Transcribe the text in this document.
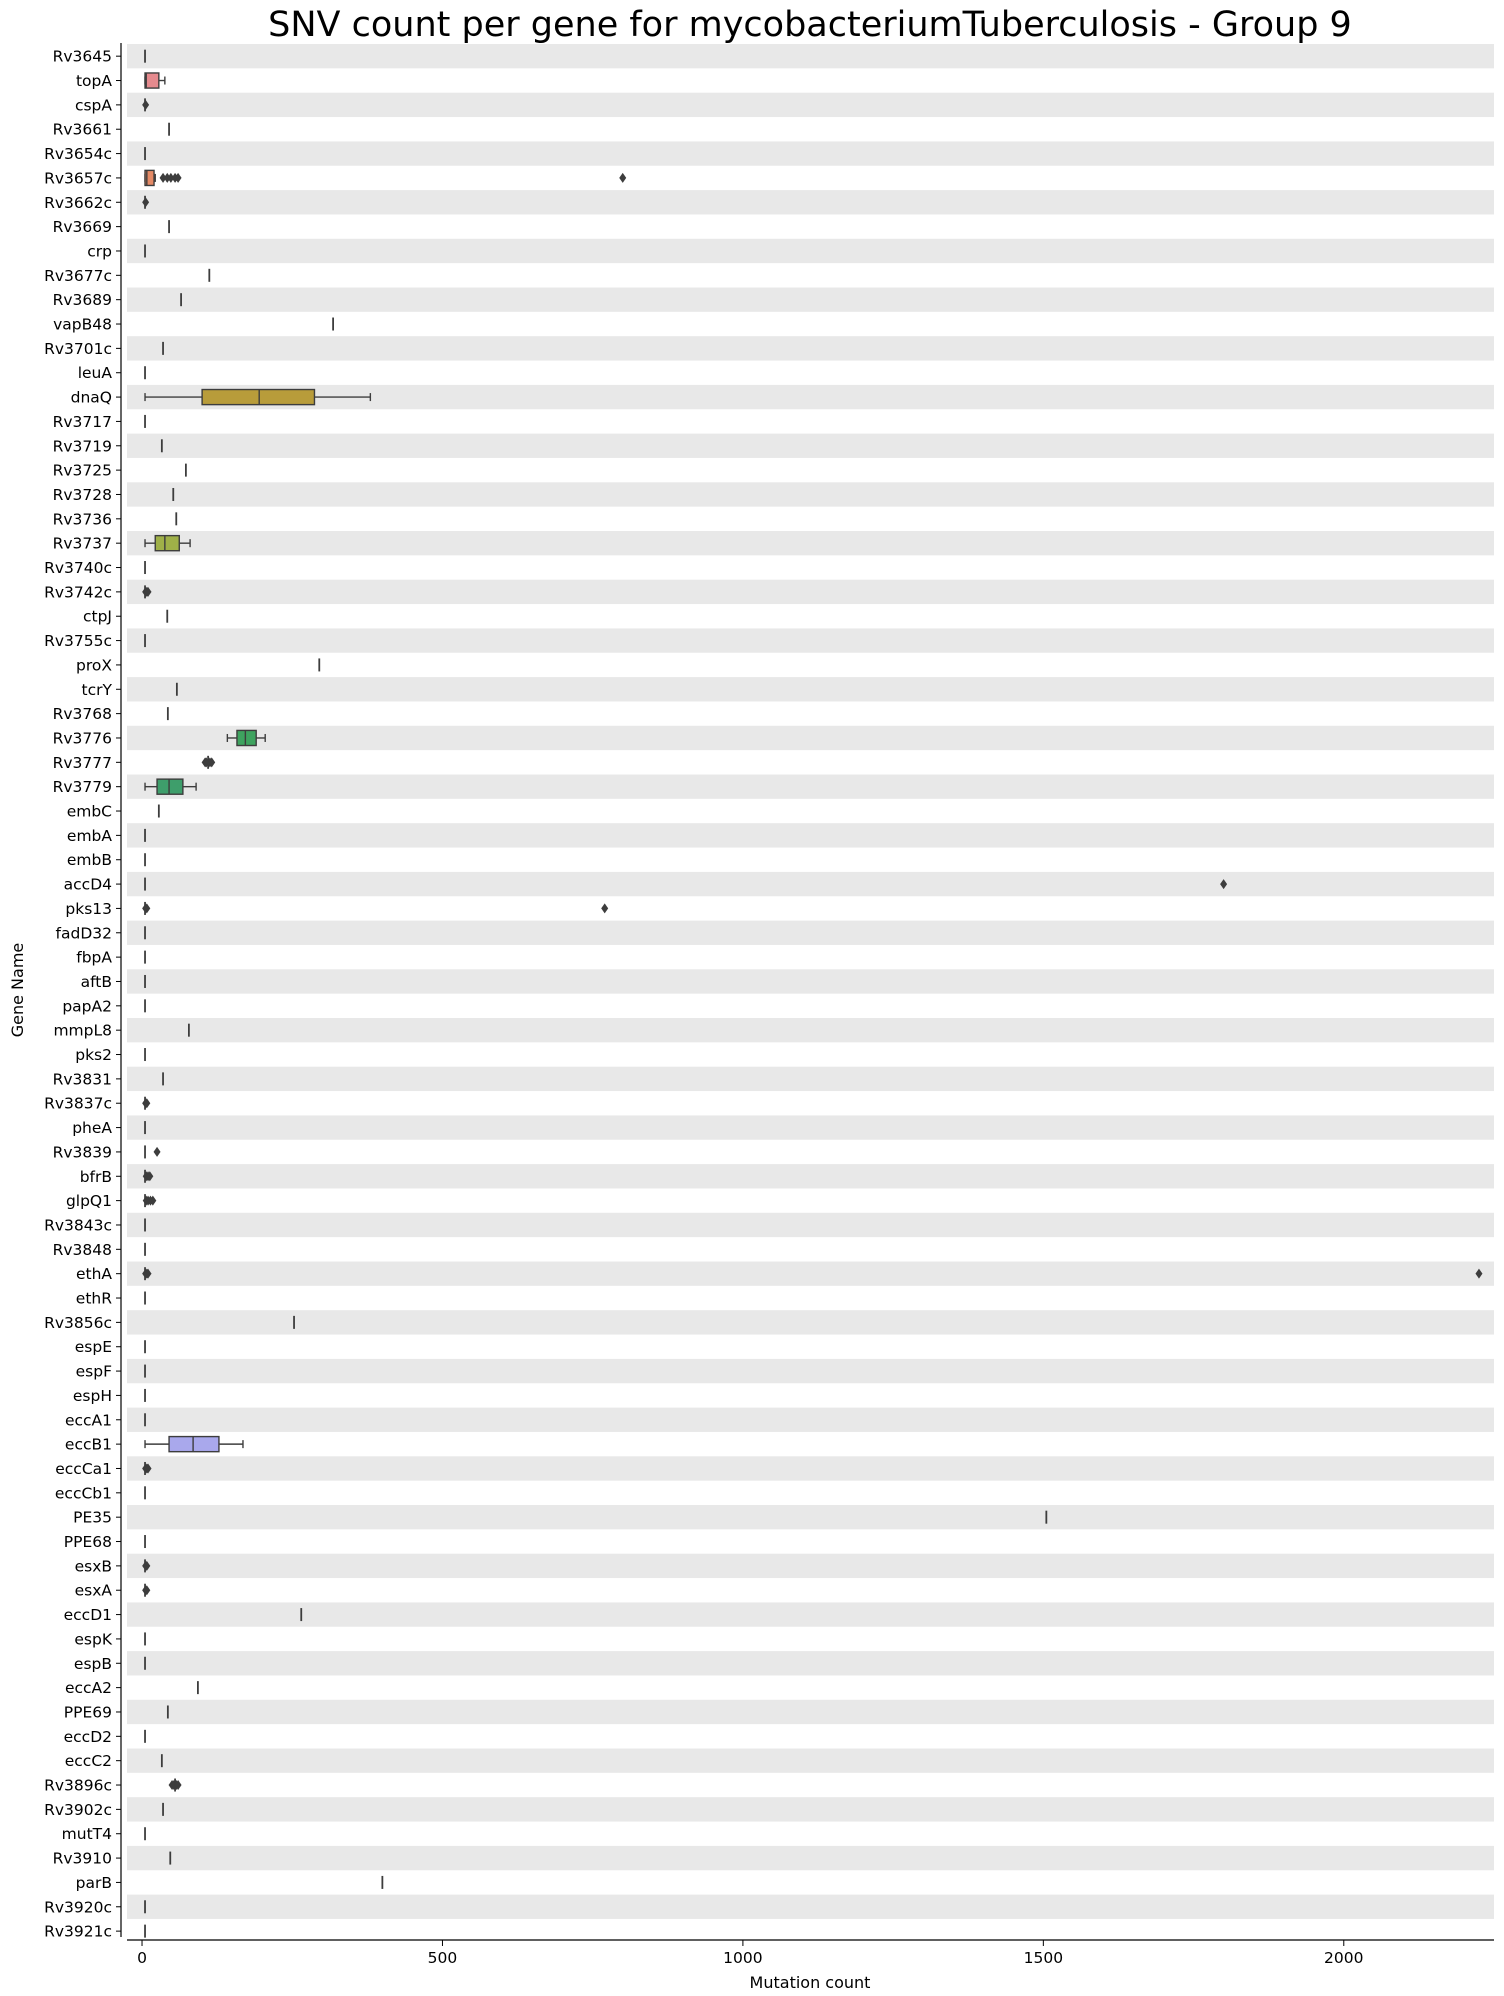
Rv3645
topA
cspA
Rv3661
Rv3654c
Rv3657c
Rv3662c
Rv3669
crp
Rv3677c
Rv3689
vapB48
Rv3701c
leuA
dnaQ
Rv3717
Rv3719
Rv3725
Rv3728
Rv3736
Rv3737
Rv3740c
Rv3742c
ctpJ
Rv3755c
proX
tcrY
Rv3768
Rv3776
Rv3777
Rv3779
embC
embA
embB
accD4
pks13
fadD32
fbpA
aftB
papA2
mmpL8
pks2
Rv3831
Rv3837c
pheA
Rv3839
bfrB
glpQ1
Rv3843c
Rv3848
ethA
ethR
Rv3856c
espE
espF
espH
eccA1
eccB1
eccCa1
eccCb1
PE35
PPE68
esxB
esxA
eccD1
espK
espB
eccA2
PPE69
eccD2
eccC2
Rv3896c
Rv3902c
mutT4
Rv3910
parB
Rv3920c
Rv3921c
0	500	1000	1500	2000
SNV count per gene for mycobacteriumTuberculosis - Group 9
Mutation count
Gene Name
